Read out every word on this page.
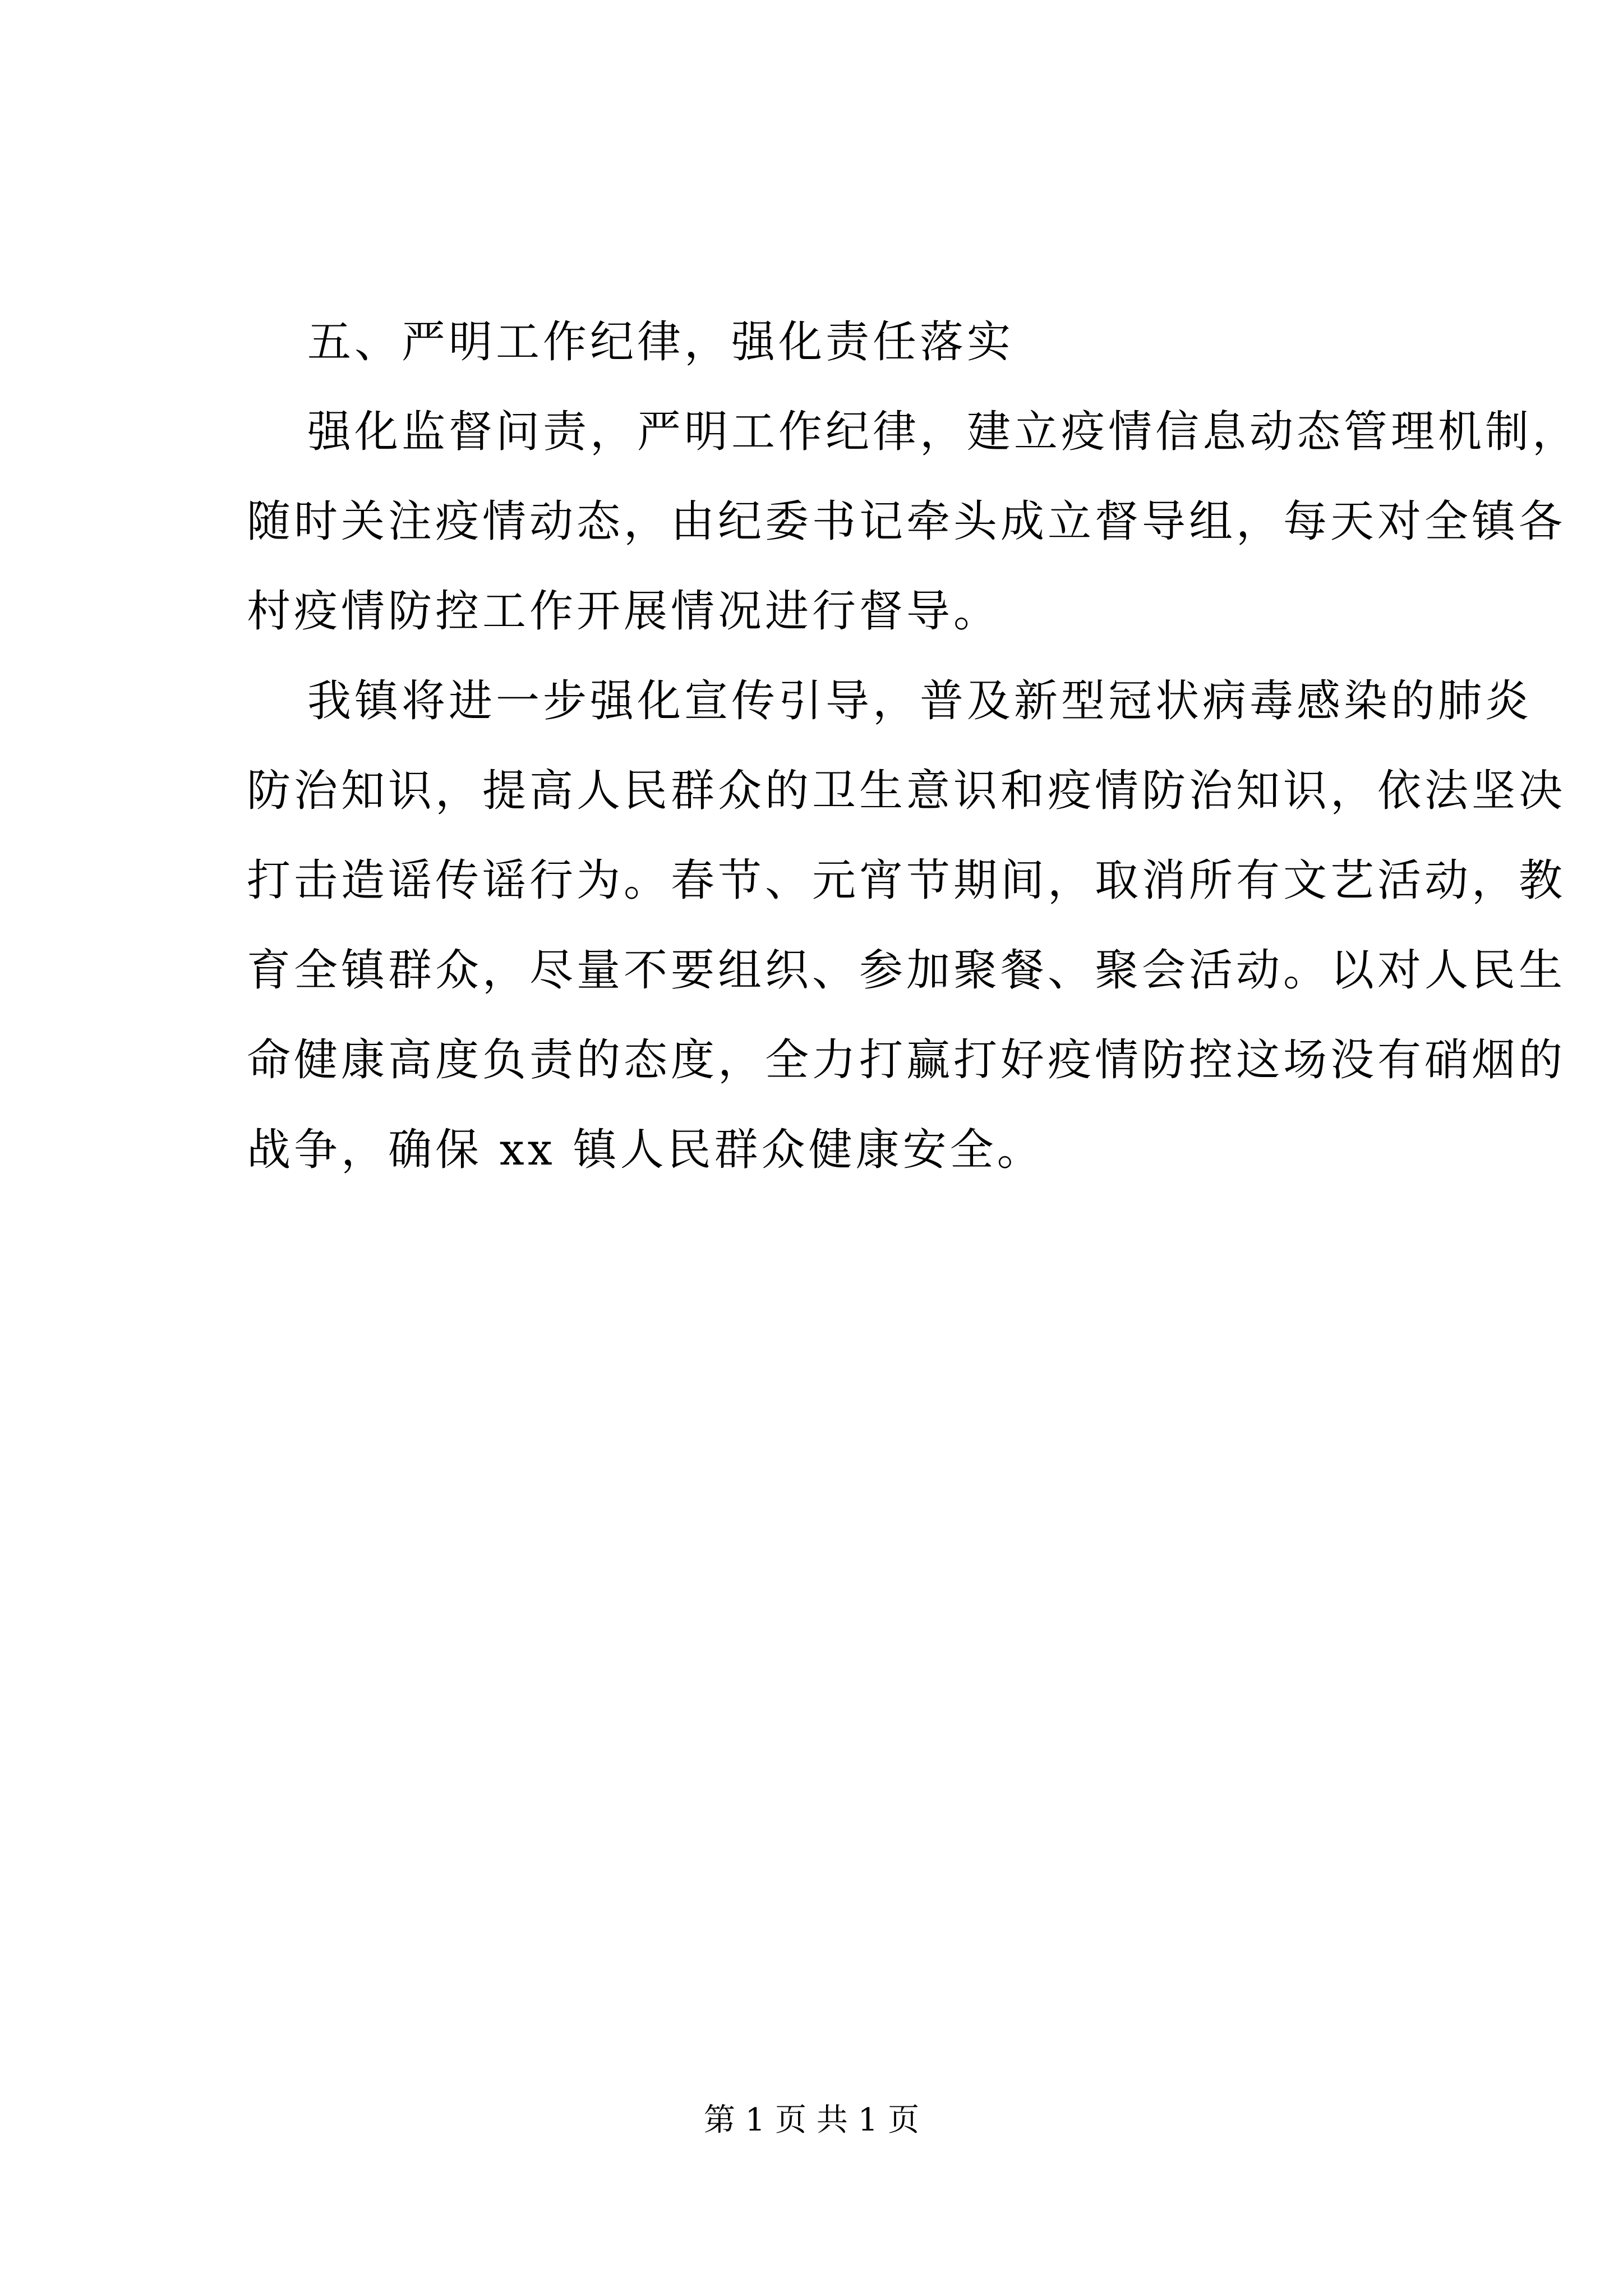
五、严明工作纪律，强化责任落实
强化监督问责，严明工作纪律，建立疫情信息动态管理机制，
随时关注疫情动态，由纪委书记牵头成立督导组，每天对全镇各
村疫情防控工作开展情况进行督导。
我镇将进一步强化宣传引导，普及新型冠状病毒感染的肺炎
防治知识，提高人民群众的卫生意识和疫情防治知识，依法坚决
打击造谣传谣行为。春节、元宵节期间，取消所有文艺活动，教
育全镇群众，尽量不要组织、参加聚餐、聚会活动。以对人民生
命健康高度负责的态度，全力打赢打好疫情防控这场没有硝烟的
战争，确保 xx 镇人民群众健康安全。
第 1 页 共 1 页
